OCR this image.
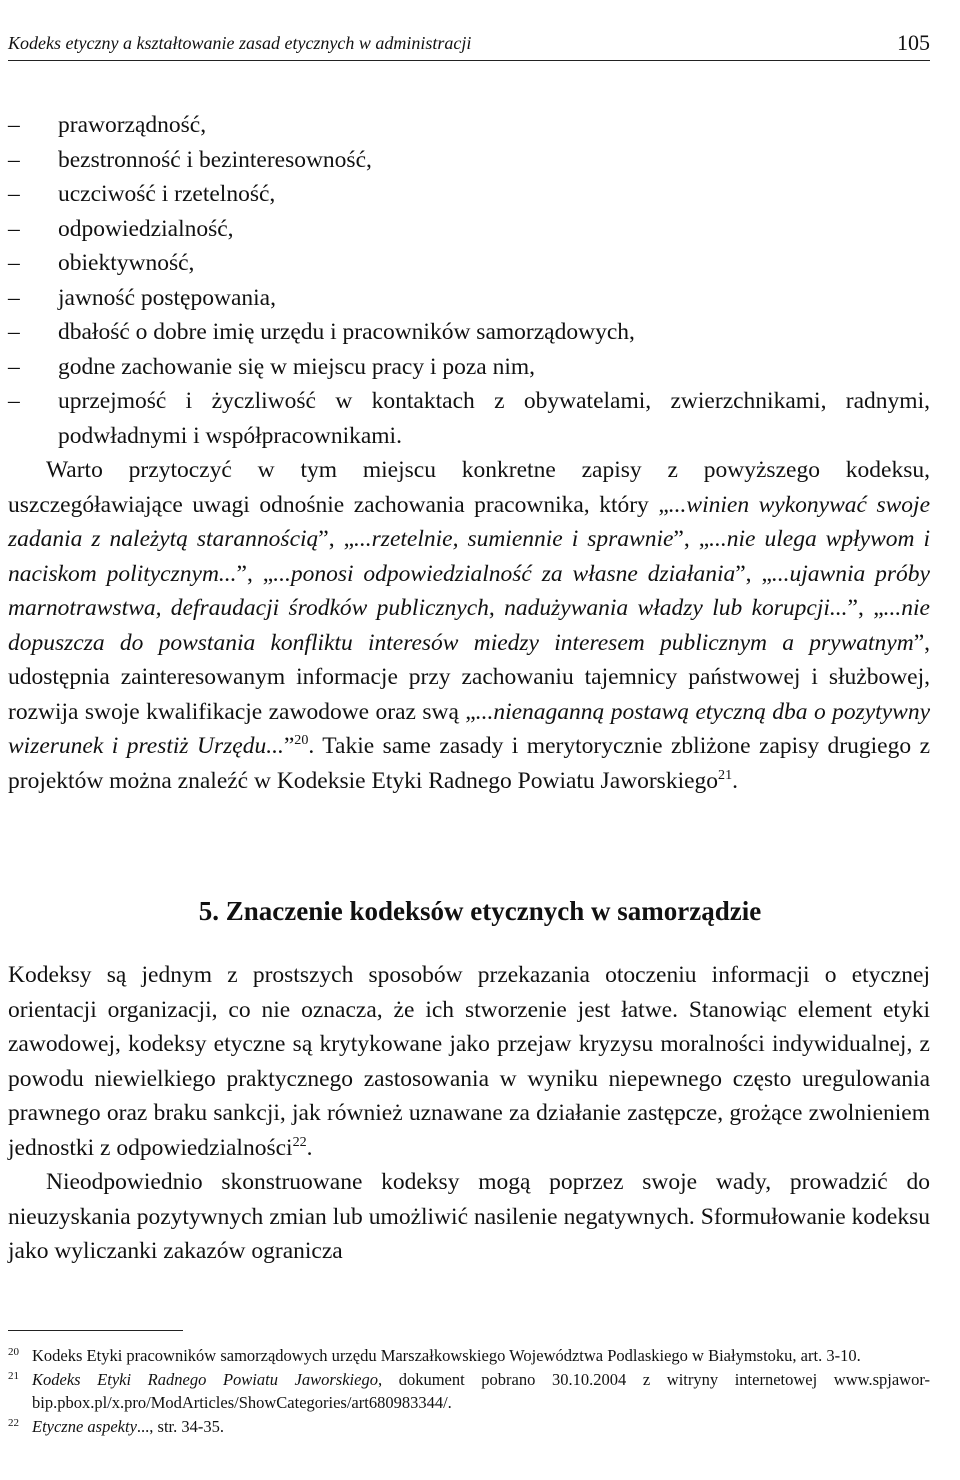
Kodeks etyczny a kształtowanie zasad etycznych w administracji	105
– praworządność,
– bezstronność i bezinteresowność,
– uczciwość i rzetelność,
– odpowiedzialność,
– obiektywność,
– jawność postępowania,
– dbałość o dobre imię urzędu i pracowników samorządowych,
– godne zachowanie się w miejscu pracy i poza nim,
– uprzejmość i życzliwość w kontaktach z obywatelami, zwierzchnikami, radnymi, podwładnymi i współpracownikami.

Warto przytoczyć w tym miejscu konkretne zapisy z powyższego kodeksu, uszczegóławiające uwagi odnośnie zachowania pracownika, który „...winien wykonywać swoje zadania z należytą starannością”, „...rzetelnie, sumiennie i sprawnie”, „...nie ulega wpływom i naciskom politycznym...”, „...ponosi odpowiedzialność za własne działania”, „...ujawnia próby marnotrawstwa, defraudacji środków publicznych, nadużywania władzy lub korupcji...”, „...nie dopuszcza do powstania konfliktu interesów miedzy interesem publicznym a prywatnym”, udostępnia zainteresowanym informacje przy zachowaniu tajemnicy państwowej i służbowej, rozwija swoje kwalifikacje zawodowe oraz swą „...nienaganną postawą etyczną dba o pozytywny wizerunek i prestiż Urzędu...”$^{20}$. Takie same zasady i merytorycznie zbliżone zapisy drugiego z projektów można znaleźć w Kodeksie Etyki Radnego Powiatu Jaworskiego$^{21}$.

5. Znaczenie kodeksów etycznych w samorządzie

Kodeksy są jednym z prostszych sposobów przekazania otoczeniu informacji o etycznej orientacji organizacji, co nie oznacza, że ich stworzenie jest łatwe. Stanowiąc element etyki zawodowej, kodeksy etyczne są krytykowane jako przejaw kryzysu moralności indywidualnej, z powodu niewielkiego praktycznego zastosowania w wyniku niepewnego często uregulowania prawnego oraz braku sankcji, jak również uznawane za działanie zastępcze, grożące zwolnieniem jednostki z odpowiedzialności$^{22}$.

Nieodpowiednio skonstruowane kodeksy mogą poprzez swoje wady, prowadzić do nieuzyskania pozytywnych zmian lub umożliwić nasilenie negatywnych. Sformułowanie kodeksu jako wyliczanki zakazów ogranicza

20 Kodeks Etyki pracowników samorządowych urzędu Marszałkowskiego Województwa Podlaskiego w Białymstoku, art. 3-10.
21 Kodeks Etyki Radnego Powiatu Jaworskiego, dokument pobrano 30.10.2004 z witryny internetowej www.spjawor-bip.pbox.pl/x.pro/ModArticles/ShowCategories/art680983344/.
22 Etyczne aspekty..., str. 34-35.
